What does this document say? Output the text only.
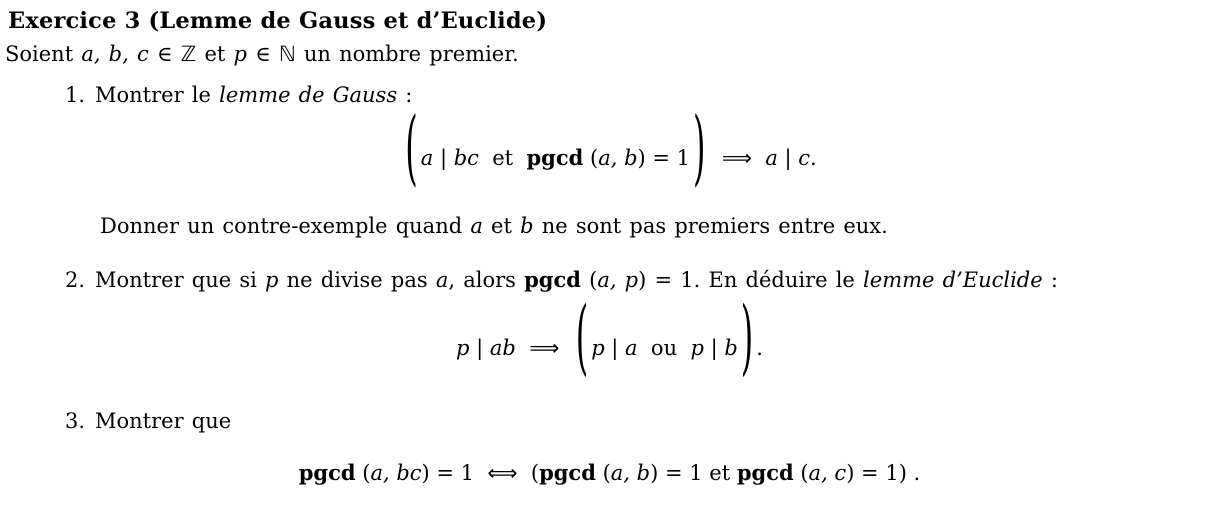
Exercice 3 (Lemme de Gauss et d’Euclide)
Soient a, b, c ∈ ℤ et p ∈ ℕ un nombre premier.
1. Montrer le lemme de Gauss :
( a | bc  et  pgcd (a, b) = 1)  ⟹  a | c.
Donner un contre-exemple quand a et b ne sont pas premiers entre eux.
2. Montrer que si p ne divise pas a, alors pgcd (a, p) = 1. En déduire le lemme d’Euclide :
p | ab  ⟹  ( p | a  ou  p | b) .
3. Montrer que
pgcd (a, bc) = 1  ⟺  (pgcd (a, b) = 1 et pgcd (a, c) = 1) .
